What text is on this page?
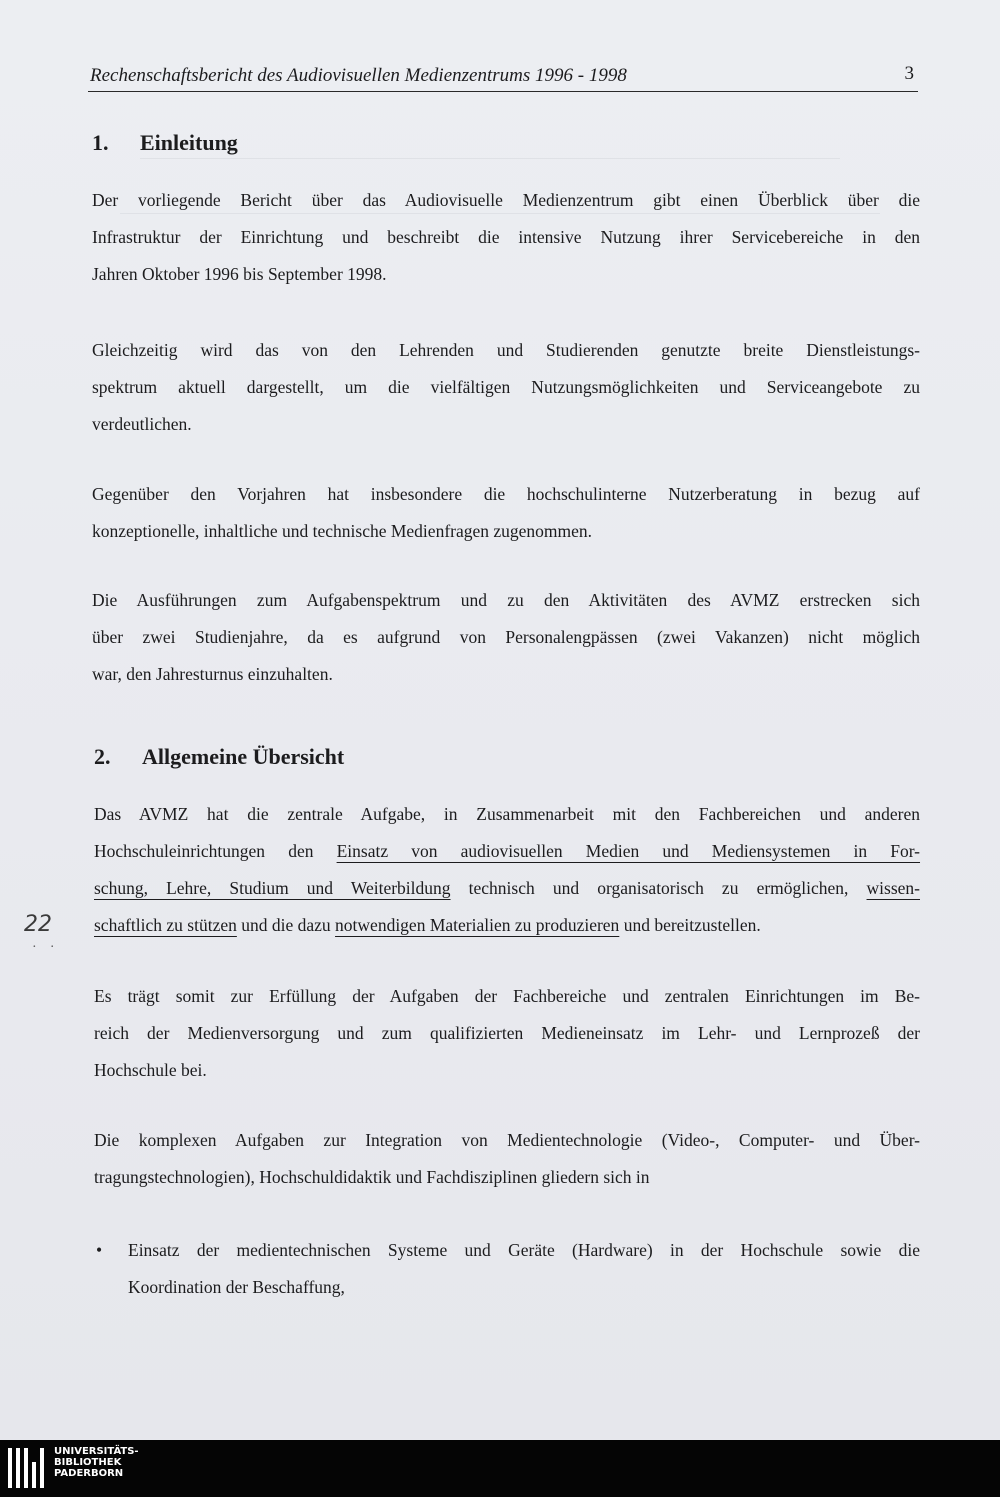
Rechenschaftsbericht des Audiovisuellen Medienzentrums 1996 - 1998	3
1. Einleitung
Der vorliegende Bericht über das Audiovisuelle Medienzentrum gibt einen Überblick über die
Infrastruktur der Einrichtung und beschreibt die intensive Nutzung ihrer Servicebereiche in den
Jahren Oktober 1996 bis September 1998.
Gleichzeitig wird das von den Lehrenden und Studierenden genutzte breite Dienstleistungs-
spektrum aktuell dargestellt, um die vielfältigen Nutzungsmöglichkeiten und Serviceangebote zu
verdeutlichen.
Gegenüber den Vorjahren hat insbesondere die hochschulinterne Nutzerberatung in bezug auf
konzeptionelle, inhaltliche und technische Medienfragen zugenommen.
Die Ausführungen zum Aufgabenspektrum und zu den Aktivitäten des AVMZ erstrecken sich
über zwei Studienjahre, da es aufgrund von Personalengpässen (zwei Vakanzen) nicht möglich
war, den Jahresturnus einzuhalten.
2. Allgemeine Übersicht
Das AVMZ hat die zentrale Aufgabe, in Zusammenarbeit mit den Fachbereichen und anderen
Hochschuleinrichtungen den Einsatz von audiovisuellen Medien und Mediensystemen in For-
schung, Lehre, Studium und Weiterbildung technisch und organisatorisch zu ermöglichen, wissen-
schaftlich zu stützen und die dazu notwendigen Materialien zu produzieren und bereitzustellen.
Es trägt somit zur Erfüllung der Aufgaben der Fachbereiche und zentralen Einrichtungen im Be-
reich der Medienversorgung und zum qualifizierten Medieneinsatz im Lehr- und Lernprozeß der
Hochschule bei.
Die komplexen Aufgaben zur Integration von Medientechnologie (Video-, Computer- und Über-
tragungstechnologien), Hochschuldidaktik und Fachdisziplinen gliedern sich in
• Einsatz der medientechnischen Systeme und Geräte (Hardware) in der Hochschule sowie die
Koordination der Beschaffung,
22
· ·
UNIVERSITÄTS-
BIBLIOTHEK
PADERBORN
